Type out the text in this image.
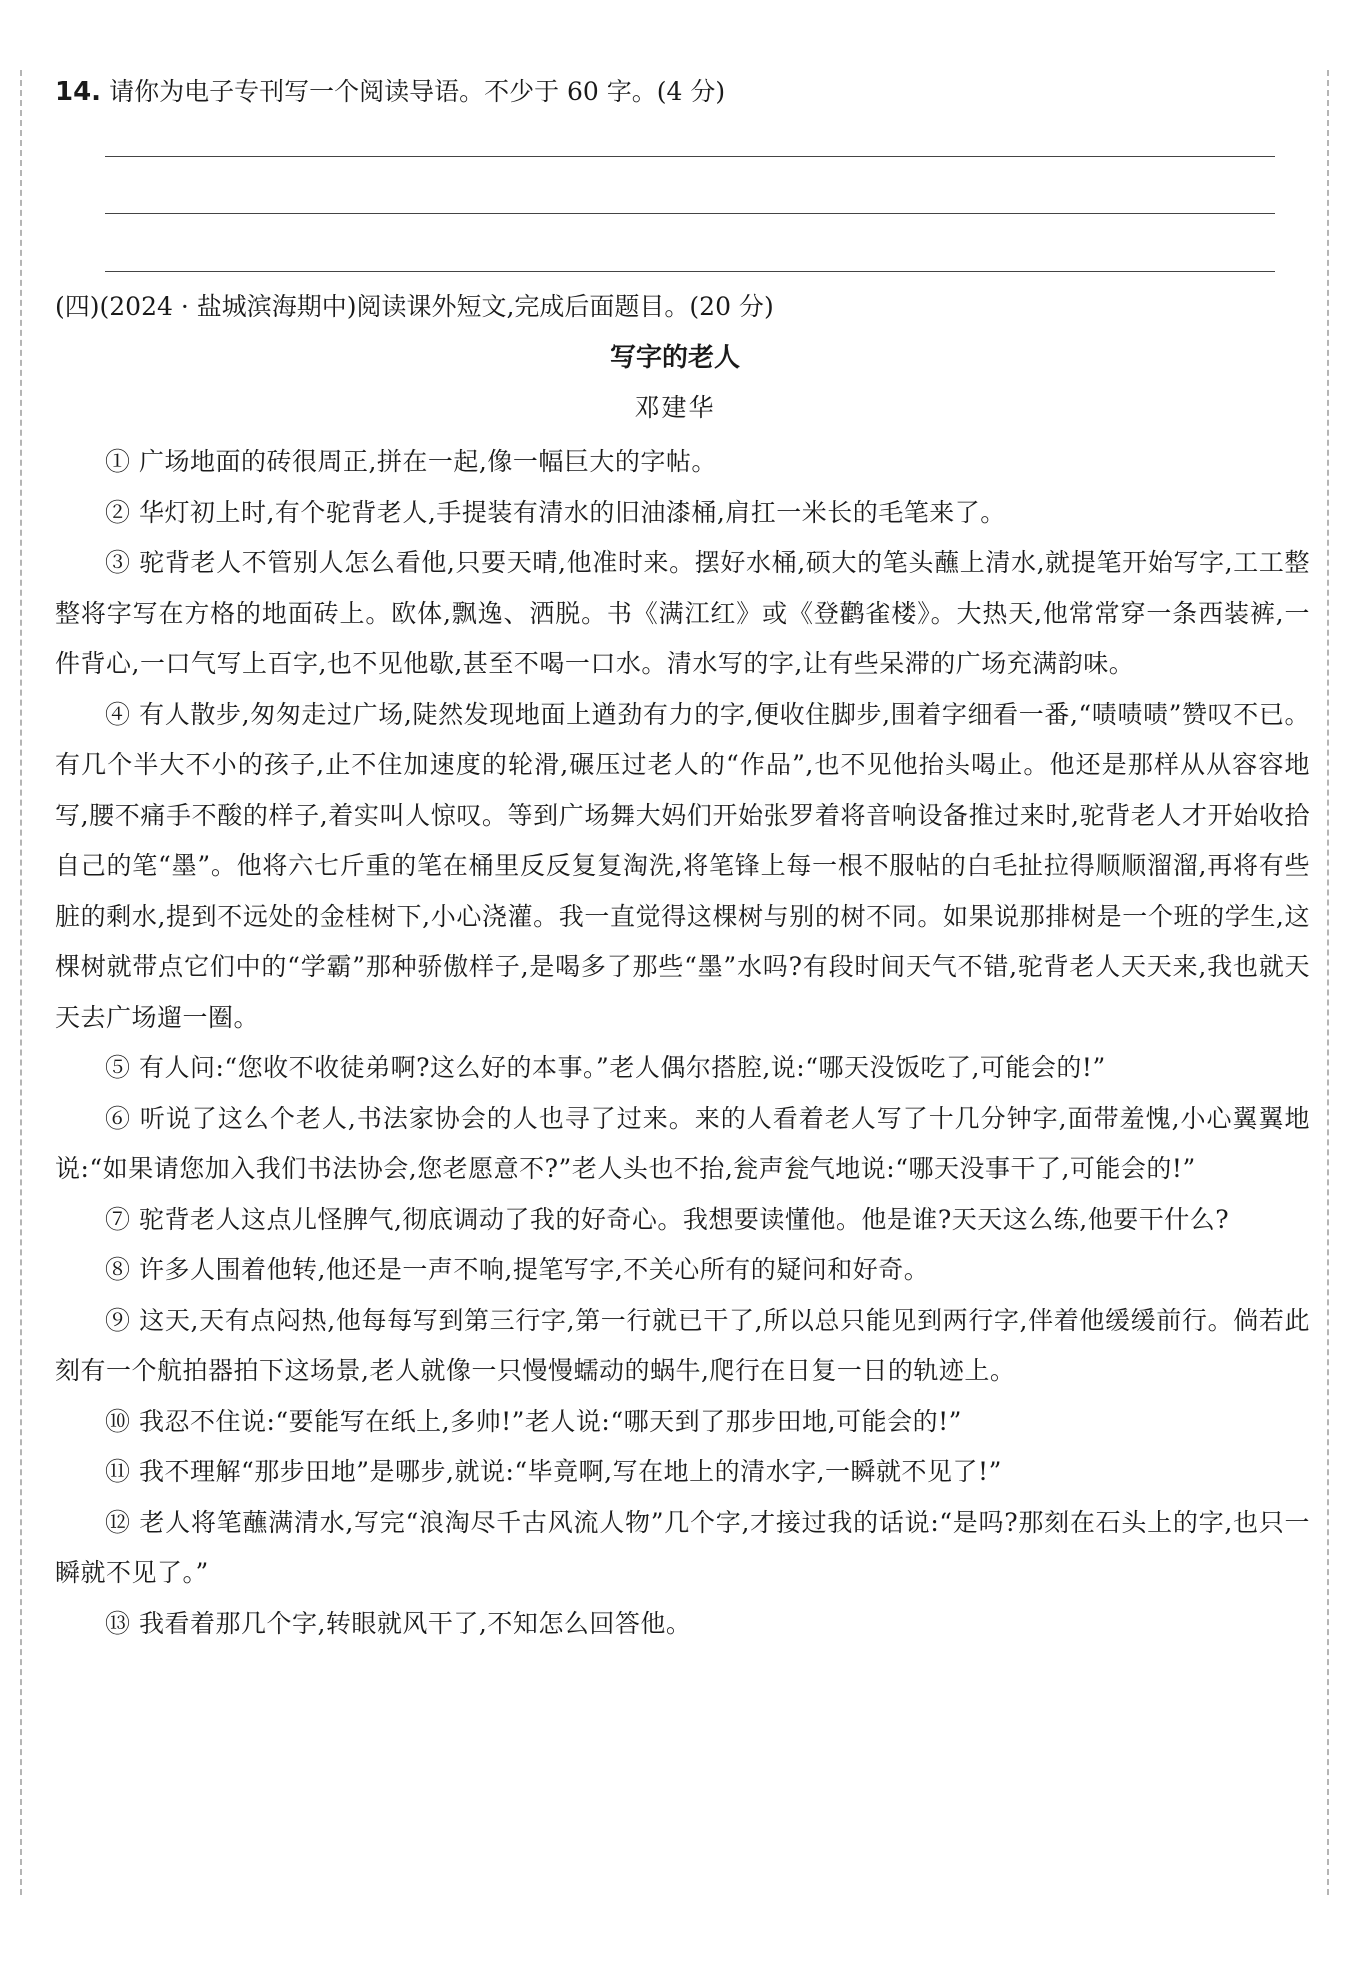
14. 请你为电子专刊写一个阅读导语。不少于 60 字。(4 分)
(四)(2024 · 盐城滨海期中)阅读课外短文,完成后面题目。(20 分)
写字的老人
邓建华

① 广场地面的砖很周正,拼在一起,像一幅巨大的字帖。

② 华灯初上时,有个驼背老人,手提装有清水的旧油漆桶,肩扛一米长的毛笔来了。

③ 驼背老人不管别人怎么看他,只要天晴,他准时来。摆好水桶,硕大的笔头蘸上清水,就提笔开始写字,工工整整将字写在方格的地面砖上。欧体,飘逸、洒脱。书《满江红》或《登鹳雀楼》。大热天,他常常穿一条西装裤,一件背心,一口气写上百字,也不见他歇,甚至不喝一口水。清水写的字,让有些呆滞的广场充满韵味。

④ 有人散步,匆匆走过广场,陡然发现地面上遒劲有力的字,便收住脚步,围着字细看一番,“啧啧啧”赞叹不已。有几个半大不小的孩子,止不住加速度的轮滑,碾压过老人的“作品”,也不见他抬头喝止。他还是那样从从容容地写,腰不痛手不酸的样子,着实叫人惊叹。等到广场舞大妈们开始张罗着将音响设备推过来时,驼背老人才开始收拾自己的笔“墨”。他将六七斤重的笔在桶里反反复复淘洗,将笔锋上每一根不服帖的白毛扯拉得顺顺溜溜,再将有些脏的剩水,提到不远处的金桂树下,小心浇灌。我一直觉得这棵树与别的树不同。如果说那排树是一个班的学生,这棵树就带点它们中的“学霸”那种骄傲样子,是喝多了那些“墨”水吗?有段时间天气不错,驼背老人天天来,我也就天天去广场遛一圈。

⑤ 有人问:“您收不收徒弟啊?这么好的本事。”老人偶尔搭腔,说:“哪天没饭吃了,可能会的!”

⑥ 听说了这么个老人,书法家协会的人也寻了过来。来的人看着老人写了十几分钟字,面带羞愧,小心翼翼地说:“如果请您加入我们书法协会,您老愿意不?”老人头也不抬,瓮声瓮气地说:“哪天没事干了,可能会的!”

⑦ 驼背老人这点儿怪脾气,彻底调动了我的好奇心。我想要读懂他。他是谁?天天这么练,他要干什么?

⑧ 许多人围着他转,他还是一声不响,提笔写字,不关心所有的疑问和好奇。

⑨ 这天,天有点闷热,他每每写到第三行字,第一行就已干了,所以总只能见到两行字,伴着他缓缓前行。倘若此刻有一个航拍器拍下这场景,老人就像一只慢慢蠕动的蜗牛,爬行在日复一日的轨迹上。

⑩ 我忍不住说:“要能写在纸上,多帅!”老人说:“哪天到了那步田地,可能会的!”

⑪ 我不理解“那步田地”是哪步,就说:“毕竟啊,写在地上的清水字,一瞬就不见了!”

⑫ 老人将笔蘸满清水,写完“浪淘尽千古风流人物”几个字,才接过我的话说:“是吗?那刻在石头上的字,也只一瞬就不见了。”

⑬ 我看着那几个字,转眼就风干了,不知怎么回答他。
